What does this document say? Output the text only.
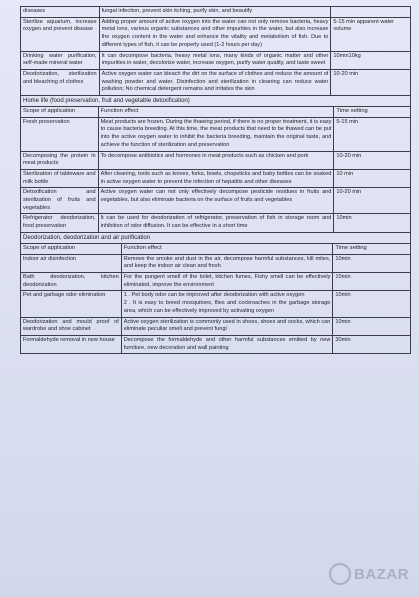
diseases	fungal infection, prevent skin itching, purify skin, and beautify	
Sterilize aquarium, increase oxygen and prevent disease	Adding proper amount of active oxygen into the water can not only remove bacteria, heavy metal ions, various organic substances and other impurities in the water, but also increase the oxygen content in the water and enhance the vitality and metabolism of fish. Due to different types of fish, it can be properly used (1-2 hours per day)	5-15 min apparent water volume
Drinking water purification, self-made mineral water	It can decompose bacteria, heavy metal ions, many kinds of organic matter and other impurities in water, decolorize water, increase oxygen, purify water quality, and taste sweet	10min10kg
Deodorization, sterilization and bleaching of clothes	Active oxygen water can bleach the dirt on the surface of clothes and reduce the amount of washing powder and water. Disinfection and sterilization in cleaning can reduce water pollution; No chemical detergent remains and irritates the skin	10-20 min
Home life (food preservation, fruit and vegetable detoxification)
Scope of application	Function effect	Time setting
Fresh preservation	Meat products are frozen. During the thawing period, if there is no proper treatment, it is easy to cause bacteria breeding. At this time, the meat products that need to be thawed can be put into the active oxygen water to inhibit the bacteria breeding, maintain the original taste, and achieve the function of sterilization and preservation	5-15 min
Decomposing the protein in meat products	To decompose antibiotics and hormones in meat products such as chicken and pork	10-20 min
Sterilization of tableware and milk bottle	After cleaning, tools such as knives, forks, bowls, chopsticks and baby bottles can be soaked in active oxygen water to prevent the infection of hepatitis and other diseases	10 min
Detoxification and sterilization of fruits and vegetables	Active oxygen water can not only effectively decompose pesticide residues in fruits and vegetables, but also eliminate bacteria on the surface of fruits and vegetables	10-20 min
Refrigerator deodorization, food preservation	It can be used for deodorization of refrigerator, preservation of fish in storage room and inhibition of odor diffusion. It can be effective in a short time	10min
Deodorization, deodorization and air purification
Scope of application	Function effect	Time setting
Indoor air disinfection	Remove the smoke and dust in the air, decompose harmful substances, kill mites, and keep the indoor air clean and fresh	10min
Bath deodorization, kitchen deodorization	For the pungent smell of the toilet, kitchen fumes, Fishy smell can be effectively eliminated, improve the environment	10min
Pet and garbage odor elimination	1 . Pet body odor can be improved after deodorization with active oxygen
2 . It is easy to breed mosquitoes, flies and cockroaches in the garbage storage area, which can be effectively improved by activating oxygen	10min
Deodorization and mould proof of wardrobe and shoe cabinet	Active oxygen sterilization is commonly used in shoes, shoes and socks, which can eliminate peculiar smell and prevent fungi	10min
Formaldehyde removal in new house	Decompose the formaldehyde and other harmful substances emitted by new furniture, new decoration and wall painting	30min
BAZAR
